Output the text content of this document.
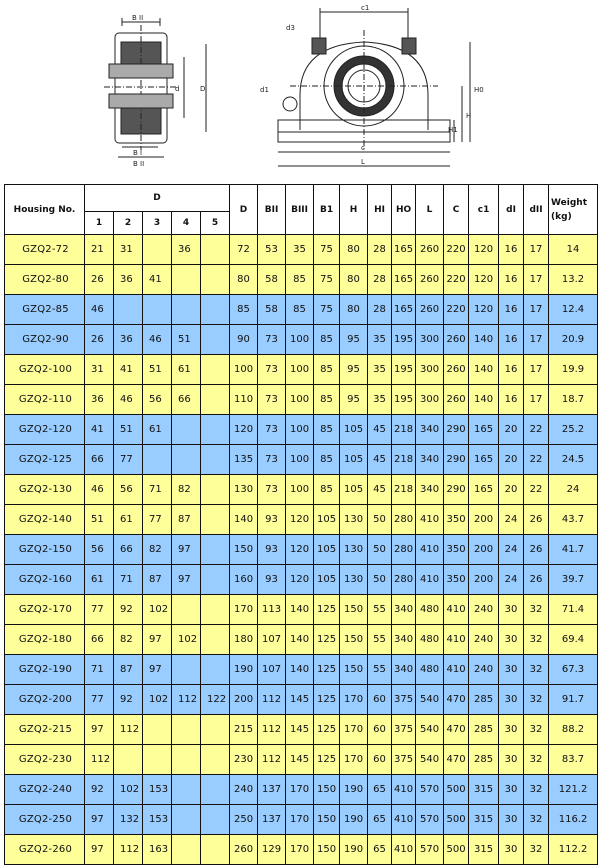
B II
d	D
B I
B II
c1
d3
d1	H0
H
H1
c
L
Housing No.	D					D	BII	BIII	B1	H	HI	HO	L	C	c1	dI	dII	Weight
(kg)
	1	2	3	4	5													
GZQ2-72	21	31		36		72	53	35	75	80	28	165	260	220	120	16	17	14
GZQ2-80	26	36	41			80	58	85	75	80	28	165	260	220	120	16	17	13.2
GZQ2-85	46					85	58	85	75	80	28	165	260	220	120	16	17	12.4
GZQ2-90	26	36	46	51		90	73	100	85	95	35	195	300	260	140	16	17	20.9
GZQ2-100	31	41	51	61		100	73	100	85	95	35	195	300	260	140	16	17	19.9
GZQ2-110	36	46	56	66		110	73	100	85	95	35	195	300	260	140	16	17	18.7
GZQ2-120	41	51	61			120	73	100	85	105	45	218	340	290	165	20	22	25.2
GZQ2-125	66	77				135	73	100	85	105	45	218	340	290	165	20	22	24.5
GZQ2-130	46	56	71	82		130	73	100	85	105	45	218	340	290	165	20	22	24
GZQ2-140	51	61	77	87		140	93	120	105	130	50	280	410	350	200	24	26	43.7
GZQ2-150	56	66	82	97		150	93	120	105	130	50	280	410	350	200	24	26	41.7
GZQ2-160	61	71	87	97		160	93	120	105	130	50	280	410	350	200	24	26	39.7
GZQ2-170	77	92	102			170	113	140	125	150	55	340	480	410	240	30	32	71.4
GZQ2-180	66	82	97	102		180	107	140	125	150	55	340	480	410	240	30	32	69.4
GZQ2-190	71	87	97			190	107	140	125	150	55	340	480	410	240	30	32	67.3
GZQ2-200	77	92	102	112	122	200	112	145	125	170	60	375	540	470	285	30	32	91.7
GZQ2-215	97	112				215	112	145	125	170	60	375	540	470	285	30	32	88.2
GZQ2-230	112					230	112	145	125	170	60	375	540	470	285	30	32	83.7
GZQ2-240	92	102	153			240	137	170	150	190	65	410	570	500	315	30	32	121.2
GZQ2-250	97	132	153			250	137	170	150	190	65	410	570	500	315	30	32	116.2
GZQ2-260	97	112	163			260	129	170	150	190	65	410	570	500	315	30	32	112.2
